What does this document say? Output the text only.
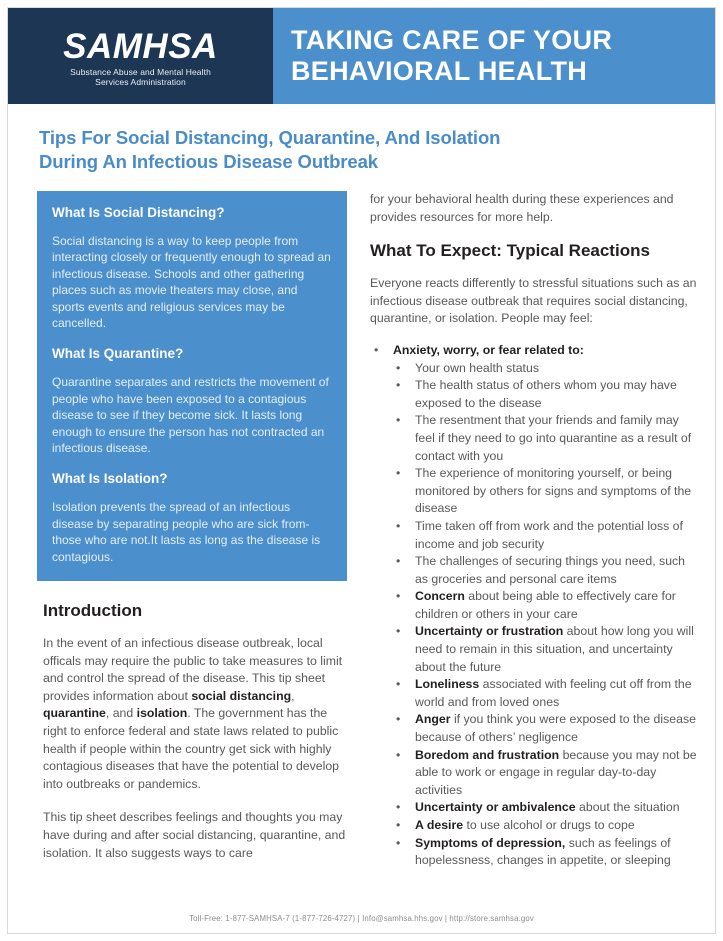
SAMHSA
Substance Abuse and Mental Health
Services Administration
TAKING CARE OF YOUR
BEHAVIORAL HEALTH
Tips For Social Distancing, Quarantine, And Isolation
During An Infectious Disease Outbreak
What Is Social Distancing?
Social distancing is a way to keep people from interacting closely or frequently enough to spread an infectious disease. Schools and other gathering places such as movie theaters may close, and sports events and religious services may be cancelled.
What Is Quarantine?
Quarantine separates and restricts the movement of people who have been exposed to a contagious disease to see if they become sick. It lasts long enough to ensure the person has not contracted an infectious disease.
What Is Isolation?
Isolation prevents the spread of an infectious disease by separating people who are sick from-those who are not.It lasts as long as the disease is contagious.
Introduction

In the event of an infectious disease outbreak, local officals may require the public to take measures to limit and control the spread of the disease. This tip sheet provides information about social distancing, quarantine, and isolation. The government has the right to enforce federal and state laws related to public health if people within the country get sick with highly contagious diseases that have the potential to develop into outbreaks or pandemics.

This tip sheet describes feelings and thoughts you may have during and after social distancing, quarantine, and isolation. It also suggests ways to care

for your behavioral health during these experiences and provides resources for more help.

What To Expect: Typical Reactions

Everyone reacts differently to stressful situations such as an infectious disease outbreak that requires social distancing, quarantine, or isolation. People may feel:

• Anxiety, worry, or fear related to:
• Your own health status
• The health status of others whom you may have exposed to the disease
• The resentment that your friends and family may feel if they need to go into quarantine as a result of contact with you
• The experience of monitoring yourself, or being monitored by others for signs and symptoms of the disease
• Time taken off from work and the potential loss of income and job security
• The challenges of securing things you need, such as groceries and personal care items
• Concern about being able to effectively care for children or others in your care
• Uncertainty or frustration about how long you will need to remain in this situation, and uncertainty about the future
• Loneliness associated with feeling cut off from the world and from loved ones
• Anger if you think you were exposed to the disease because of others’ negligence
• Boredom and frustration because you may not be able to work or engage in regular day-to-day activities
• Uncertainty or ambivalence about the situation
• A desire to use alcohol or drugs to cope
• Symptoms of depression, such as feelings of hopelessness, changes in appetite, or sleeping
Toll-Free: 1-877-SAMHSA-7 (1-877-726-4727) | Info@samhsa.hhs.gov | http://store.samhsa.gov
